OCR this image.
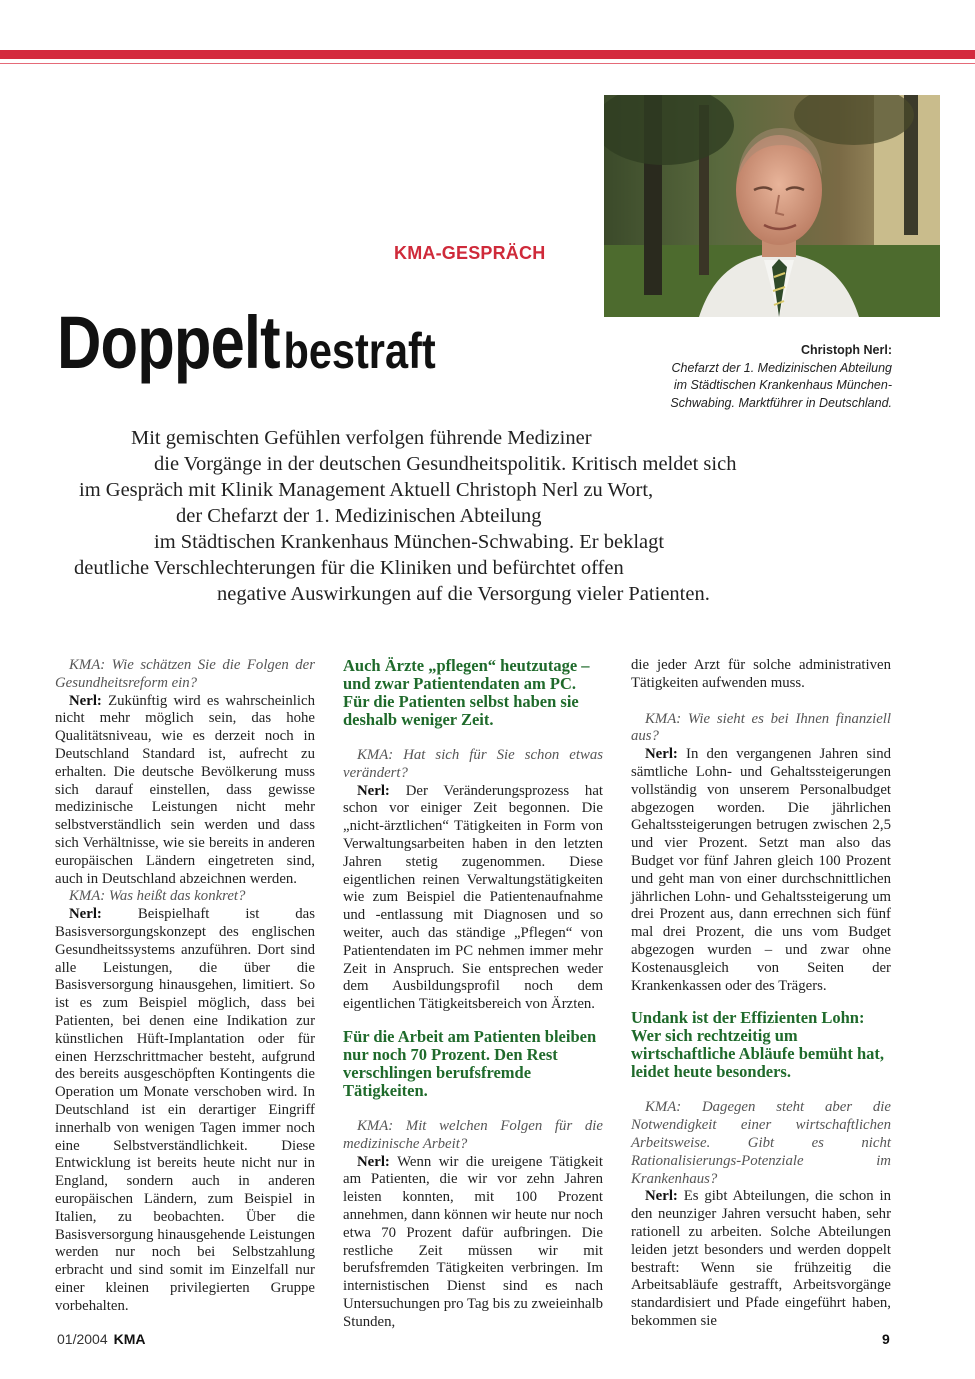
KMA-GESPRÄCH
Doppelt bestraft	Christoph Nerl:
Chefarzt der 1. Medizinischen Abteilung
im Städtischen Krankenhaus München-
Schwabing. Marktführer in Deutschland.
Mit gemischten Gefühlen verfolgen führende Mediziner
die Vorgänge in der deutschen Gesundheitspolitik. Kritisch meldet sich
im Gespräch mit Klinik Management Aktuell Christoph Nerl zu Wort,
der Chefarzt der 1. Medizinischen Abteilung
im Städtischen Krankenhaus München-Schwabing. Er beklagt
deutliche Verschlechterungen für die Kliniken und befürchtet offen
negative Auswirkungen auf die Versorgung vieler Patienten.

KMA: Wie schätzen Sie die Folgen der Gesundheitsreform ein?

Nerl: Zukünftig wird es wahrscheinlich nicht mehr möglich sein, das hohe Qualitätsniveau, wie es derzeit noch in Deutschland Standard ist, aufrecht zu erhalten. Die deutsche Bevölkerung muss sich darauf einstellen, dass gewisse medizinische Leistungen nicht mehr selbstverständlich sein werden und dass sich Verhältnisse, wie sie bereits in anderen europäischen Ländern eingetreten sind, auch in Deutschland abzeichnen werden.

KMA: Was heißt das konkret?

Nerl: Beispielhaft ist das Basisversorgungskonzept des englischen Gesundheitssystems anzuführen. Dort sind alle Leistungen, die über die Basisversorgung hinausgehen, limitiert. So ist es zum Beispiel möglich, dass bei Patienten, bei denen eine Indikation zur künstlichen Hüft-Implantation oder für einen Herzschrittmacher besteht, aufgrund des bereits ausgeschöpften Kontingents die Operation um Monate verschoben wird. In Deutschland ist ein derartiger Eingriff innerhalb von wenigen Tagen immer noch eine Selbstverständlichkeit. Diese Entwicklung ist bereits heute nicht nur in England, sondern auch in anderen europäischen Ländern, zum Beispiel in Italien, zu beobachten. Über die Basisversorgung hinausgehende Leistungen werden nur noch bei Selbstzahlung erbracht und sind somit im Einzelfall nur einer kleinen privilegierten Gruppe vorbehalten.

Auch Ärzte „pflegen“ heutzutage – und zwar Patientendaten am PC. Für die Patienten selbst haben sie deshalb weniger Zeit.

KMA: Hat sich für Sie schon etwas verändert?

Nerl: Der Veränderungsprozess hat schon vor einiger Zeit begonnen. Die „nicht-ärztlichen“ Tätigkeiten in Form von Verwaltungsarbeiten haben in den letzten Jahren stetig zugenommen. Diese eigentlichen reinen Verwaltungstätigkeiten wie zum Beispiel die Patientenaufnahme und -entlassung mit Diagnosen und so weiter, auch das ständige „Pflegen“ von Patientendaten im PC nehmen immer mehr Zeit in Anspruch. Sie entsprechen weder dem Ausbildungsprofil noch dem eigentlichen Tätigkeitsbereich von Ärzten.

Für die Arbeit am Patienten bleiben nur noch 70 Prozent. Den Rest verschlingen berufsfremde Tätigkeiten.

KMA: Mit welchen Folgen für die medizinische Arbeit?

Nerl: Wenn wir die ureigene Tätigkeit am Patienten, die wir vor zehn Jahren leisten konnten, mit 100 Prozent annehmen, dann können wir heute nur noch etwa 70 Prozent dafür aufbringen. Die restliche Zeit müssen wir mit berufsfremden Tätigkeiten verbringen. Im internistischen Dienst sind es nach Untersuchungen pro Tag bis zu zweieinhalb Stunden,

die jeder Arzt für solche administrativen Tätigkeiten aufwenden muss.

KMA: Wie sieht es bei Ihnen finanziell aus?

Nerl: In den vergangenen Jahren sind sämtliche Lohn- und Gehaltssteigerungen vollständig von unserem Personalbudget abgezogen worden. Die jährlichen Gehaltssteigerungen betrugen zwischen 2,5 und vier Prozent. Setzt man also das Budget vor fünf Jahren gleich 100 Prozent und geht man von einer durchschnittlichen jährlichen Lohn- und Gehaltssteigerung um drei Prozent aus, dann errechnen sich fünf mal drei Prozent, die uns vom Budget abgezogen wurden – und zwar ohne Kostenausgleich von Seiten der Krankenkassen oder des Trägers.

Undank ist der Effizienten Lohn: Wer sich rechtzeitig um wirtschaftliche Abläufe bemüht hat, leidet heute besonders.

KMA: Dagegen steht aber die Notwendigkeit einer wirtschaftlichen Arbeitsweise. Gibt es nicht Rationalisierungs-Potenziale im Krankenhaus?

Nerl: Es gibt Abteilungen, die schon in den neunziger Jahren versucht haben, sehr rationell zu arbeiten. Solche Abteilungen leiden jetzt besonders und werden doppelt bestraft: Wenn sie frühzeitig die Arbeitsabläufe gestrafft, Arbeitsvorgänge standardisiert und Pfade eingeführt haben, bekommen sie

01/2004 KMA	9
